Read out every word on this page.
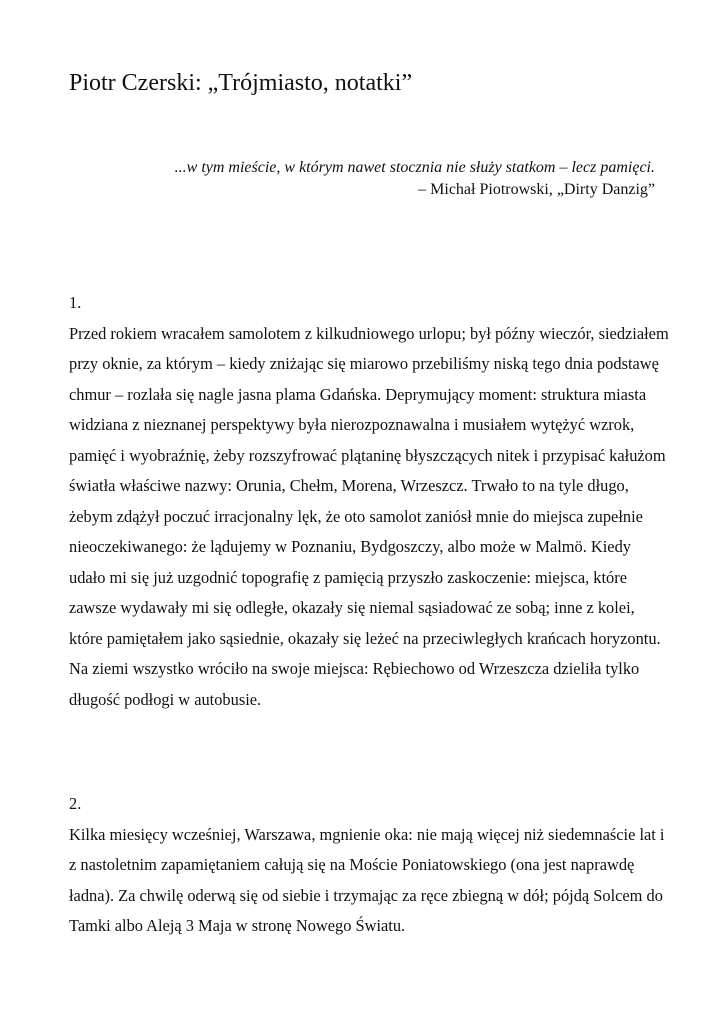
Piotr Czerski: „Trójmiasto, notatki”
...w tym mieście, w którym nawet stocznia nie służy statkom – lecz pamięci.
– Michał Piotrowski, „Dirty Danzig”
1.

Przed rokiem wracałem samolotem z kilkudniowego urlopu; był późny wieczór, siedziałem przy oknie, za którym – kiedy zniżając się miarowo przebiliśmy niską tego dnia podstawę chmur – rozlała się nagle jasna plama Gdańska. Deprymujący moment: struktura miasta widziana z nieznanej perspektywy była nierozpoznawalna i musiałem wytężyć wzrok, pamięć i wyobraźnię, żeby rozszyfrować plątaninę błyszczących nitek i przypisać kałużom światła właściwe nazwy: Orunia, Chełm, Morena, Wrzeszcz. Trwało to na tyle długo, żebym zdążył poczuć irracjonalny lęk, że oto samolot zaniósł mnie do miejsca zupełnie nieoczekiwanego: że lądujemy w Poznaniu, Bydgoszczy, albo może w Malmö. Kiedy udało mi się już uzgodnić topografię z pamięcią przyszło zaskoczenie: miejsca, które zawsze wydawały mi się odległe, okazały się niemal sąsiadować ze sobą; inne z kolei, które pamiętałem jako sąsiednie, okazały się leżeć na przeciwległych krańcach horyzontu. Na ziemi wszystko wróciło na swoje miejsca: Rębiechowo od Wrzeszcza dzieliła tylko długość podłogi w autobusie.

2.

Kilka miesięcy wcześniej, Warszawa, mgnienie oka: nie mają więcej niż siedemnaście lat i z nastoletnim zapamiętaniem całują się na Moście Poniatowskiego (ona jest naprawdę ładna). Za chwilę oderwą się od siebie i trzymając za ręce zbiegną w dół; pójdą Solcem do Tamki albo Aleją 3 Maja w stronę Nowego Światu.
